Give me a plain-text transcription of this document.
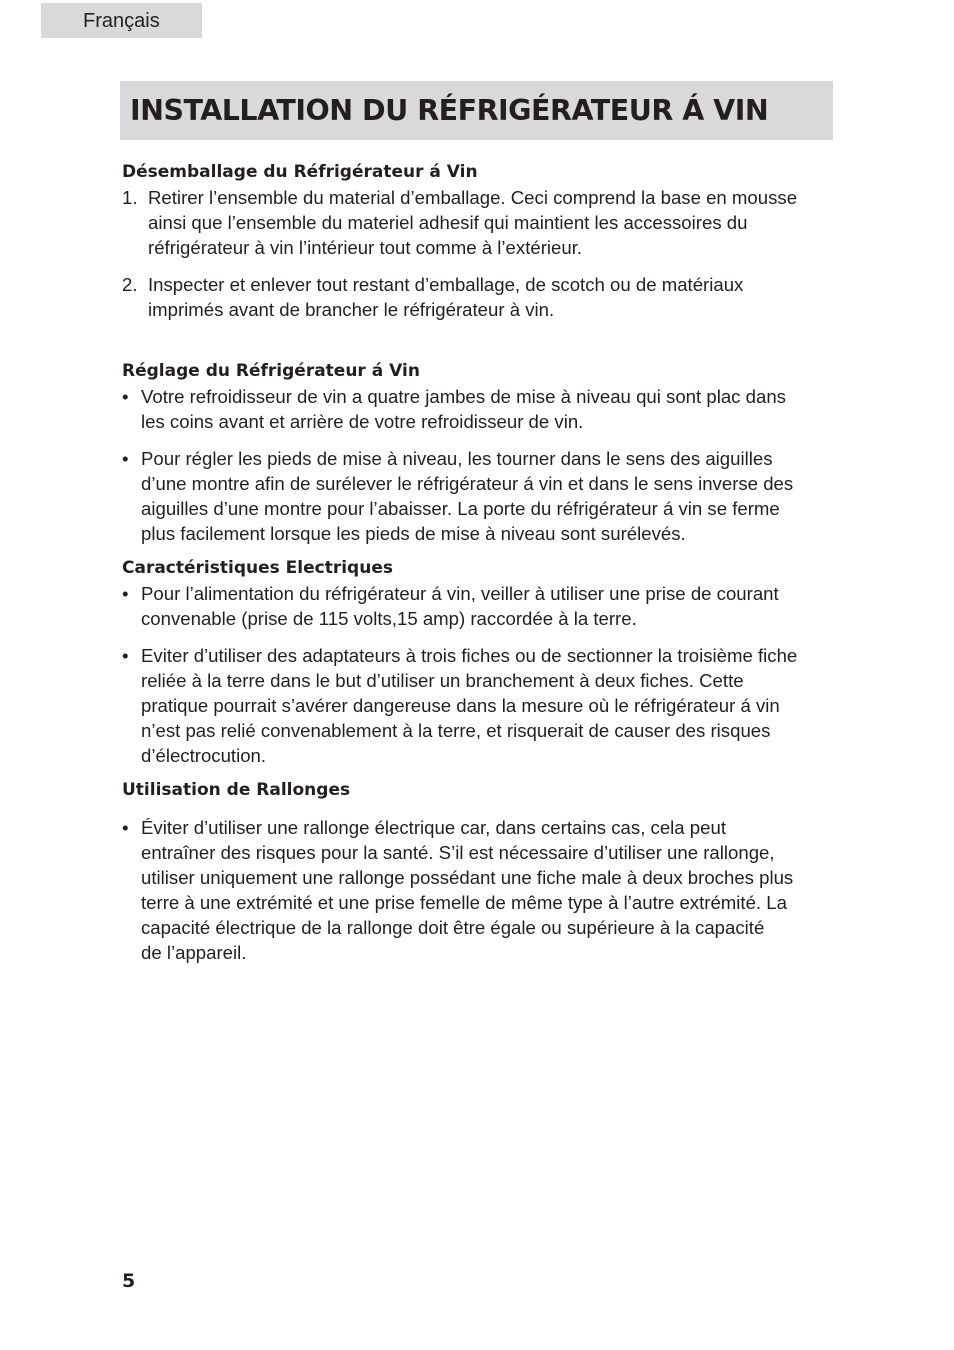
Français
INSTALLATION DU RÉFRIGÉRATEUR Á VIN

Désemballage du Réfrigérateur á Vin

1. Retirer l’ensemble du material d’emballage. Ceci comprend la base en mousse
ainsi que l’ensemble du materiel adhesif qui maintient les accessoires du
réfrigérateur à vin l’intérieur tout comme à l’extérieur.
2. Inspecter et enlever tout restant d’emballage, de scotch ou de matériaux
imprimés avant de brancher le réfrigérateur à vin.

Réglage du Réfrigérateur á Vin

• Votre refroidisseur de vin a quatre jambes de mise à niveau qui sont plac dans
les coins avant et arrière de votre refroidisseur de vin.
• Pour régler les pieds de mise à niveau, les tourner dans le sens des aiguilles
d’une montre afin de surélever le réfrigérateur á vin et dans le sens inverse des
aiguilles d’une montre pour l’abaisser. La porte du réfrigérateur á vin se ferme
plus facilement lorsque les pieds de mise à niveau sont surélevés.

Caractéristiques Electriques

• Pour l’alimentation du réfrigérateur á vin, veiller à utiliser une prise de courant
convenable (prise de 115 volts,15 amp) raccordée à la terre.
• Eviter d’utiliser des adaptateurs à trois fiches ou de sectionner la troisième fiche
reliée à la terre dans le but d’utiliser un branchement à deux fiches. Cette
pratique pourrait s’avérer dangereuse dans la mesure où le réfrigérateur á vin
n’est pas relié convenablement à la terre, et risquerait de causer des risques
d’électrocution.

Utilisation de Rallonges

• Éviter d’utiliser une rallonge électrique car, dans certains cas, cela peut
entraîner des risques pour la santé. S’il est nécessaire d’utiliser une rallonge,
utiliser uniquement une rallonge possédant une fiche male à deux broches plus
terre à une extrémité et une prise femelle de même type à l’autre extrémité. La
capacité électrique de la rallonge doit être égale ou supérieure à la capacité
de l’appareil.
5
